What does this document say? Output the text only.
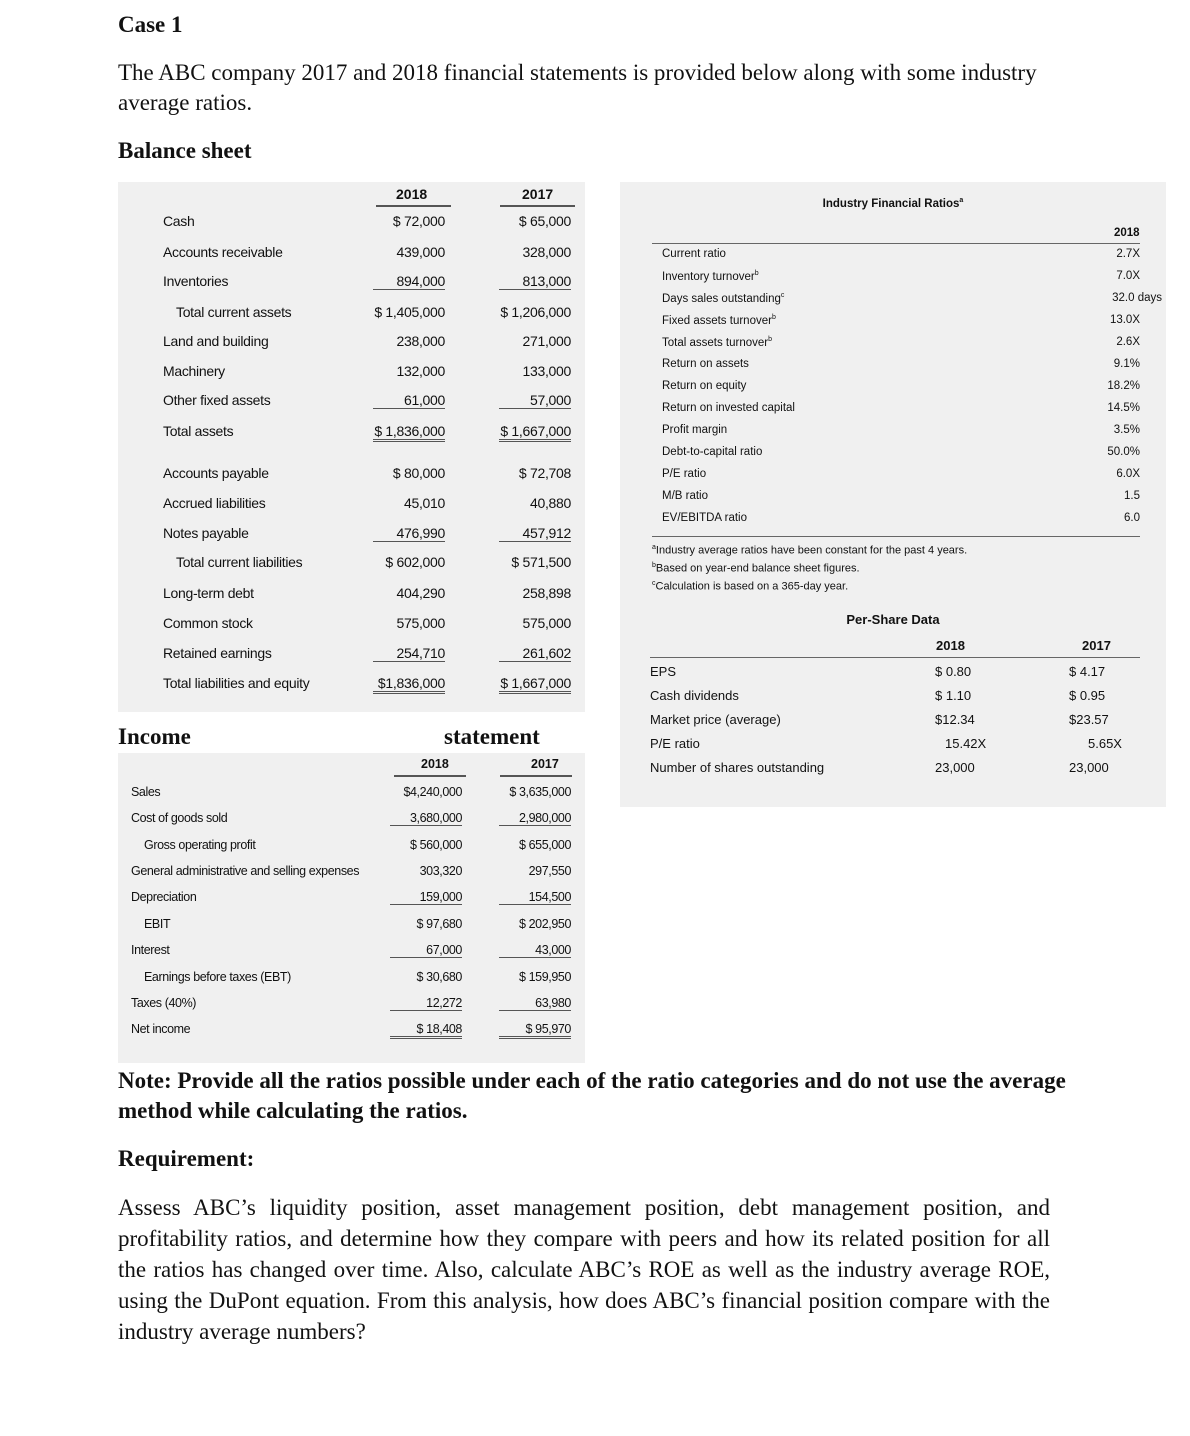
Case 1
The ABC company 2017 and 2018 financial statements is provided below along with some industry average ratios.
Balance sheet
2018	2017
Cash	$ 72,000	$ 65,000
Accounts receivable	439,000	328,000
Inventories	894,000	813,000
Total current assets	$ 1,405,000	$ 1,206,000
Land and building	238,000	271,000
Machinery	132,000	133,000
Other fixed assets	61,000	57,000
Total assets	$ 1,836,000	$ 1,667,000
Accounts payable	$ 80,000	$ 72,708
Accrued liabilities	45,010	40,880
Notes payable	476,990	457,912
Total current liabilities	$ 602,000	$ 571,500
Long-term debt	404,290	258,898
Common stock	575,000	575,000
Retained earnings	254,710	261,602
Total liabilities and equity	$1,836,000	$ 1,667,000
Income	statement
2018	2017
Sales	$4,240,000	$ 3,635,000
Cost of goods sold	3,680,000	2,980,000
Gross operating profit	$ 560,000	$ 655,000
General administrative and selling expenses	303,320	297,550
Depreciation	159,000	154,500
EBIT	$ 97,680	$ 202,950
Interest	67,000	43,000
Earnings before taxes (EBT)	$ 30,680	$ 159,950
Taxes (40%)	12,272	63,980
Net income	$ 18,408	$ 95,970
Industry Financial Ratios$^a$
2018
Current ratio	2.7X
Inventory turnover$^b$	7.0X
Days sales outstanding$^c$	32.0 days
Fixed assets turnover$^b$	13.0X
Total assets turnover$^b$	2.6X
Return on assets	9.1%
Return on equity	18.2%
Return on invested capital	14.5%
Profit margin	3.5%
Debt-to-capital ratio	50.0%
P/E ratio	6.0X
M/B ratio	1.5
EV/EBITDA ratio	6.0
$^a$Industry average ratios have been constant for the past 4 years.
$^b$Based on year-end balance sheet figures.
$^c$Calculation is based on a 365-day year.
Per-Share Data
2018	2017
EPS	$ 0.80	$ 4.17
Cash dividends	$ 1.10	$ 0.95
Market price (average)	$12.34	$23.57
P/E ratio	15.42X	5.65X
Number of shares outstanding	23,000	23,000
Note: Provide all the ratios possible under each of the ratio categories and do not use the average method while calculating the ratios.
Requirement:
Assess ABC’s liquidity position, asset management position, debt management position, and profitability ratios, and determine how they compare with peers and how its related position for all the ratios has changed over time. Also, calculate ABC’s ROE as well as the industry average ROE, using the DuPont equation. From this analysis, how does ABC’s financial position compare with the industry average numbers?
